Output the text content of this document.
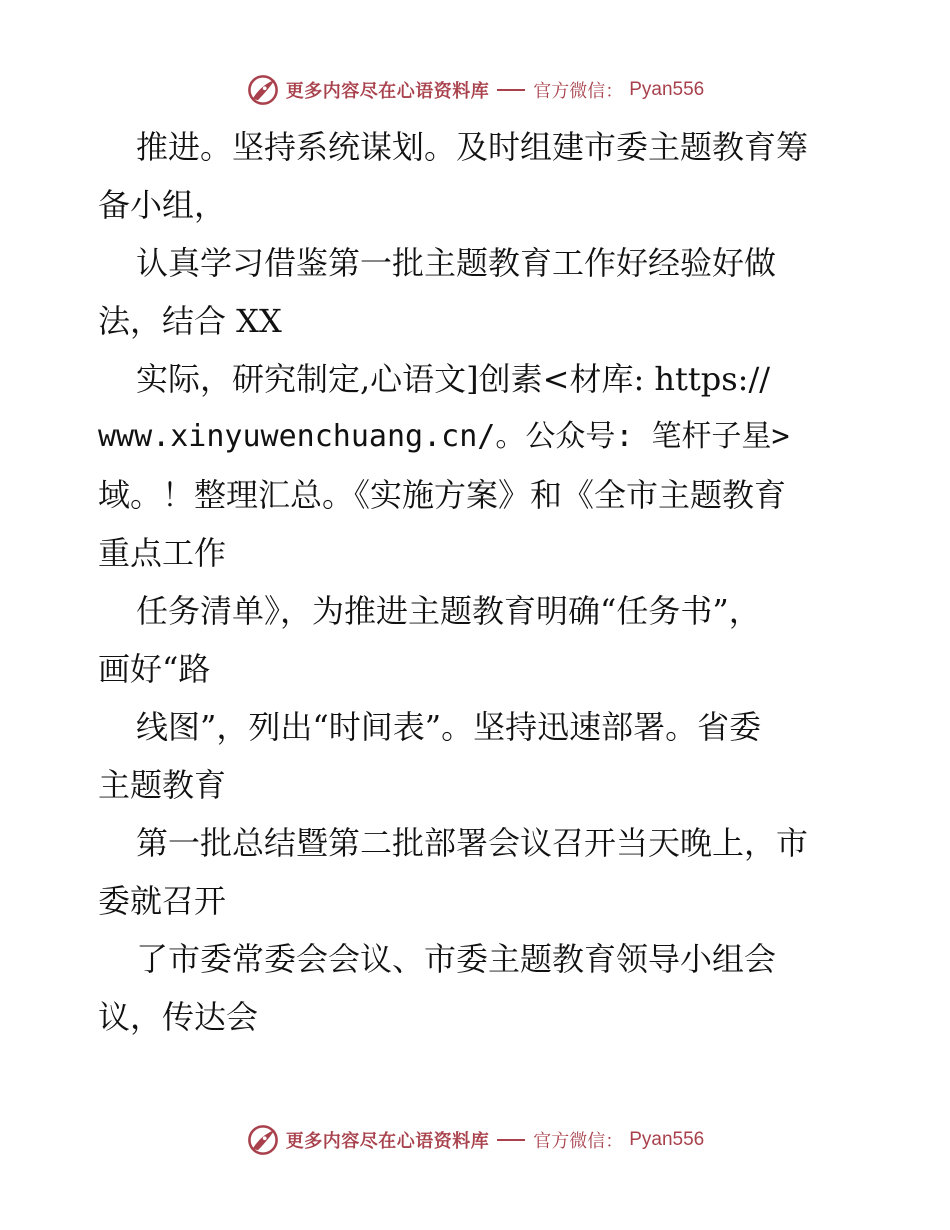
更多内容尽在心语资料库 官方微信： Pyan556
推进。坚持系统谋划。及时组建市委主题教育筹
备小组，
认真学习借鉴第一批主题教育工作好经验好做
法，结合 XX
实际，研究制定,心语文]创素<材库: https://
www.xinyuwenchuang.cn/。公众号: 笔杆子星>
域。！整理汇总。《实施方案》和《全市主题教育
重点工作
任务清单》，为推进主题教育明确“任务书”，
画好“路
线图”，列出“时间表”。坚持迅速部署。省委
主题教育
第一批总结暨第二批部署会议召开当天晚上，市
委就召开
了市委常委会会议、市委主题教育领导小组会
议，传达会
更多内容尽在心语资料库 官方微信： Pyan556
